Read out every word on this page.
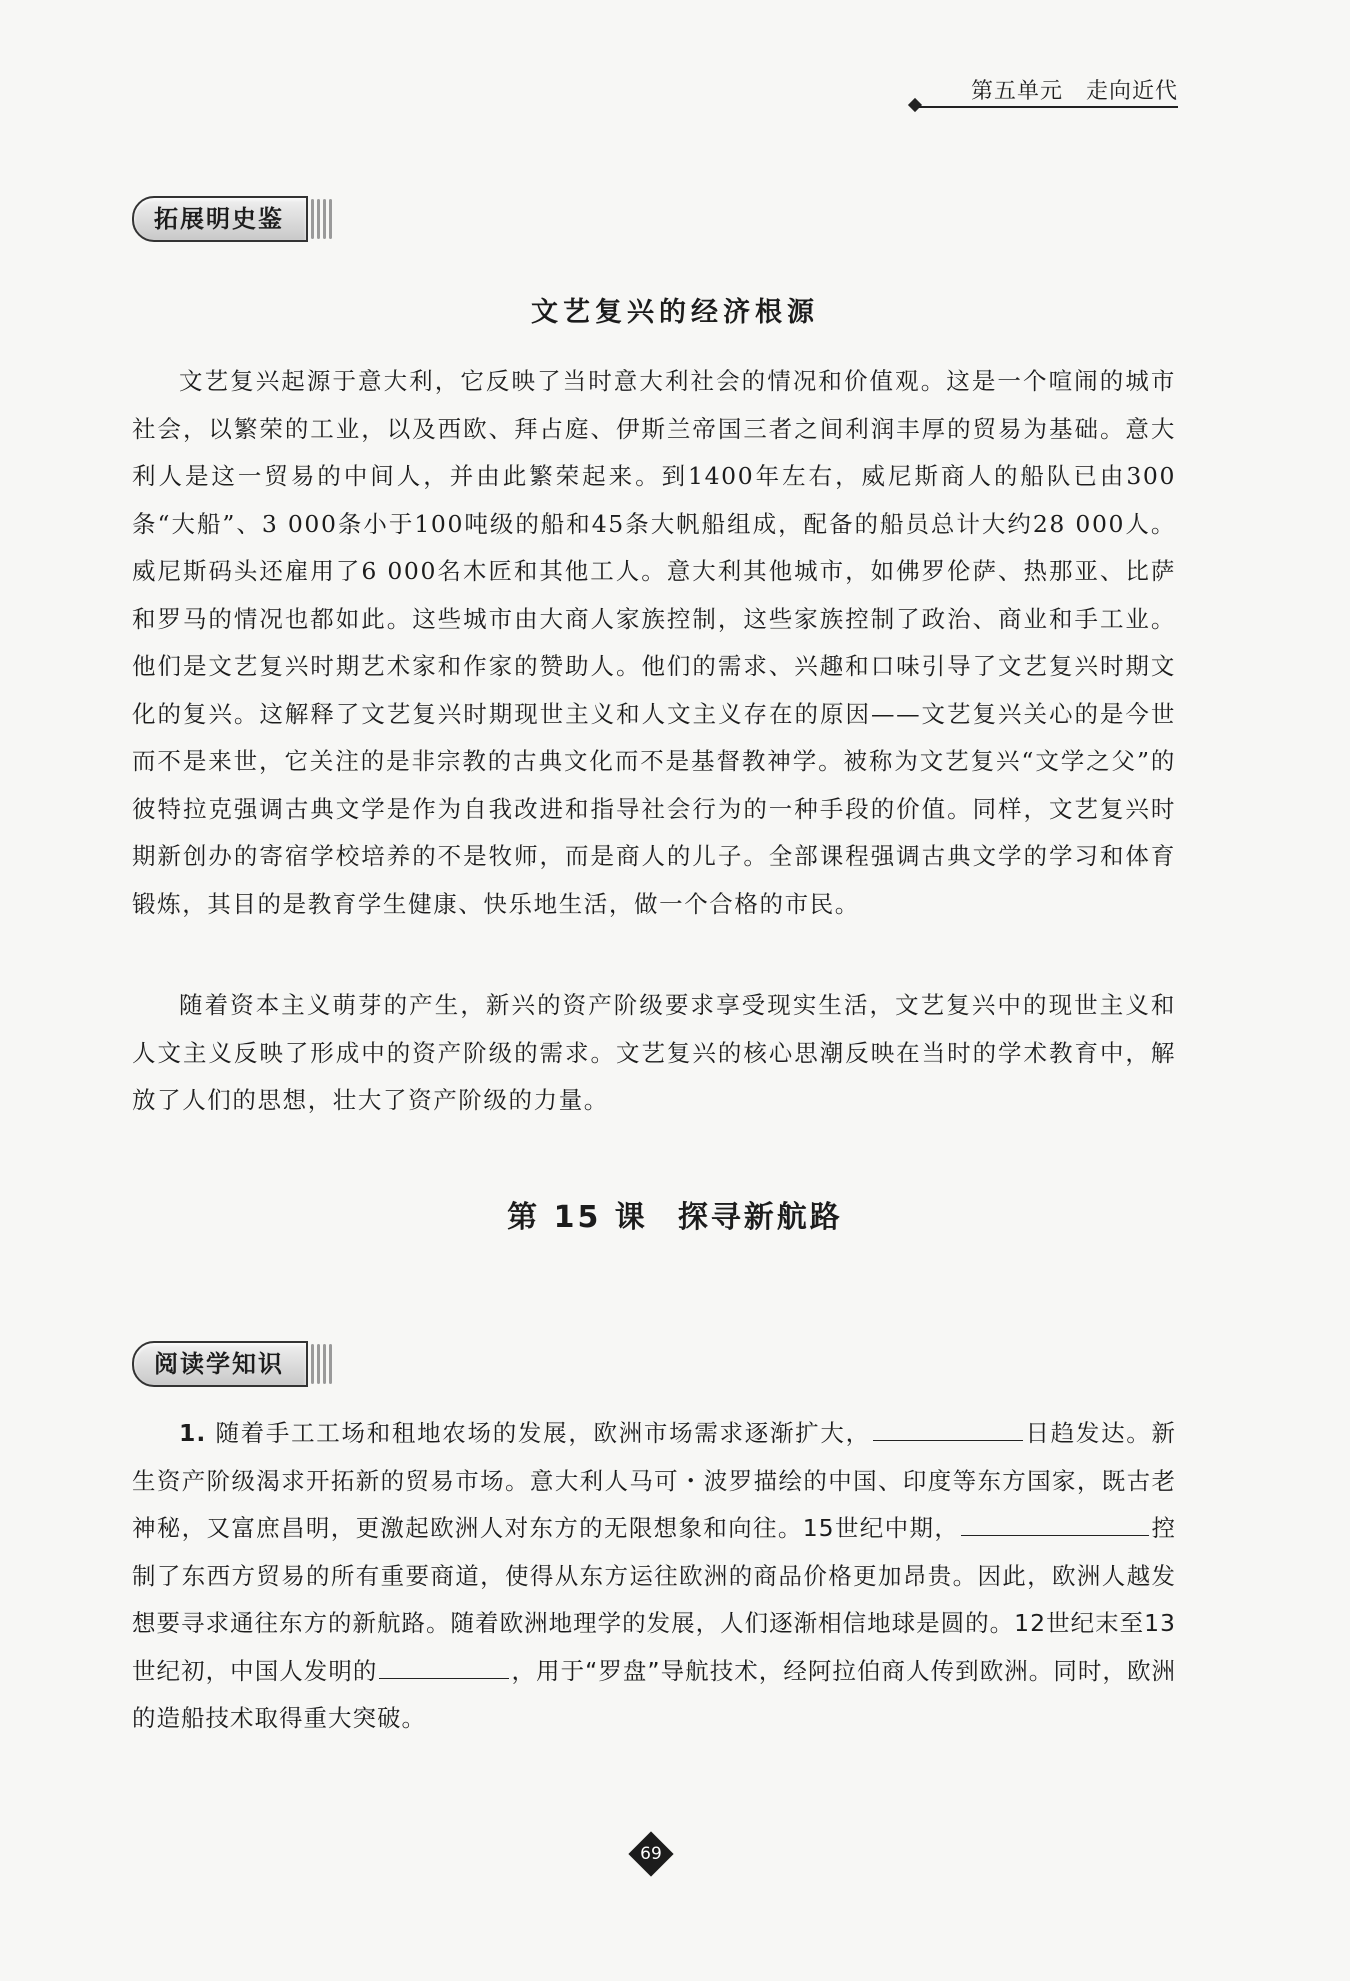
第五单元　走向近代
拓展明史鉴
文艺复兴的经济根源

文艺复兴起源于意大利，它反映了当时意大利社会的情况和价值观。这是一个喧闹的城市社会，以繁荣的工业，以及西欧、拜占庭、伊斯兰帝国三者之间利润丰厚的贸易为基础。意大利人是这一贸易的中间人，并由此繁荣起来。到1400年左右，威尼斯商人的船队已由300条“大船”、3 000条小于100吨级的船和45条大帆船组成，配备的船员总计大约28 000人。威尼斯码头还雇用了6 000名木匠和其他工人。意大利其他城市，如佛罗伦萨、热那亚、比萨和罗马的情况也都如此。这些城市由大商人家族控制，这些家族控制了政治、商业和手工业。他们是文艺复兴时期艺术家和作家的赞助人。他们的需求、兴趣和口味引导了文艺复兴时期文化的复兴。这解释了文艺复兴时期现世主义和人文主义存在的原因——文艺复兴关心的是今世而不是来世，它关注的是非宗教的古典文化而不是基督教神学。被称为文艺复兴“文学之父”的彼特拉克强调古典文学是作为自我改进和指导社会行为的一种手段的价值。同样，文艺复兴时期新创办的寄宿学校培养的不是牧师，而是商人的儿子。全部课程强调古典文学的学习和体育锻炼，其目的是教育学生健康、快乐地生活，做一个合格的市民。

随着资本主义萌芽的产生，新兴的资产阶级要求享受现实生活，文艺复兴中的现世主义和人文主义反映了形成中的资产阶级的需求。文艺复兴的核心思潮反映在当时的学术教育中，解放了人们的思想，壮大了资产阶级的力量。

第 15 课 探寻新航路
阅读学知识
1. 随着手工工场和租地农场的发展，欧洲市场需求逐渐扩大，	日趋发达。新生资产阶级渴求开拓新的贸易市场。意大利人马可・波罗描绘的中国、印度等东方国家，既古老神秘，又富庶昌明，更激起欧洲人对东方的无限想象和向往。15世纪中期，	控制了东西方贸易的所有重要商道，使得从东方运往欧洲的商品价格更加昂贵。因此，欧洲人越发想要寻求通往东方的新航路。随着欧洲地理学的发展，人们逐渐相信地球是圆的。12世纪末至13世纪初，中国人发明的	，用于“罗盘”导航技术，经阿拉伯商人传到欧洲。同时，欧洲的造船技术取得重大突破。
69
